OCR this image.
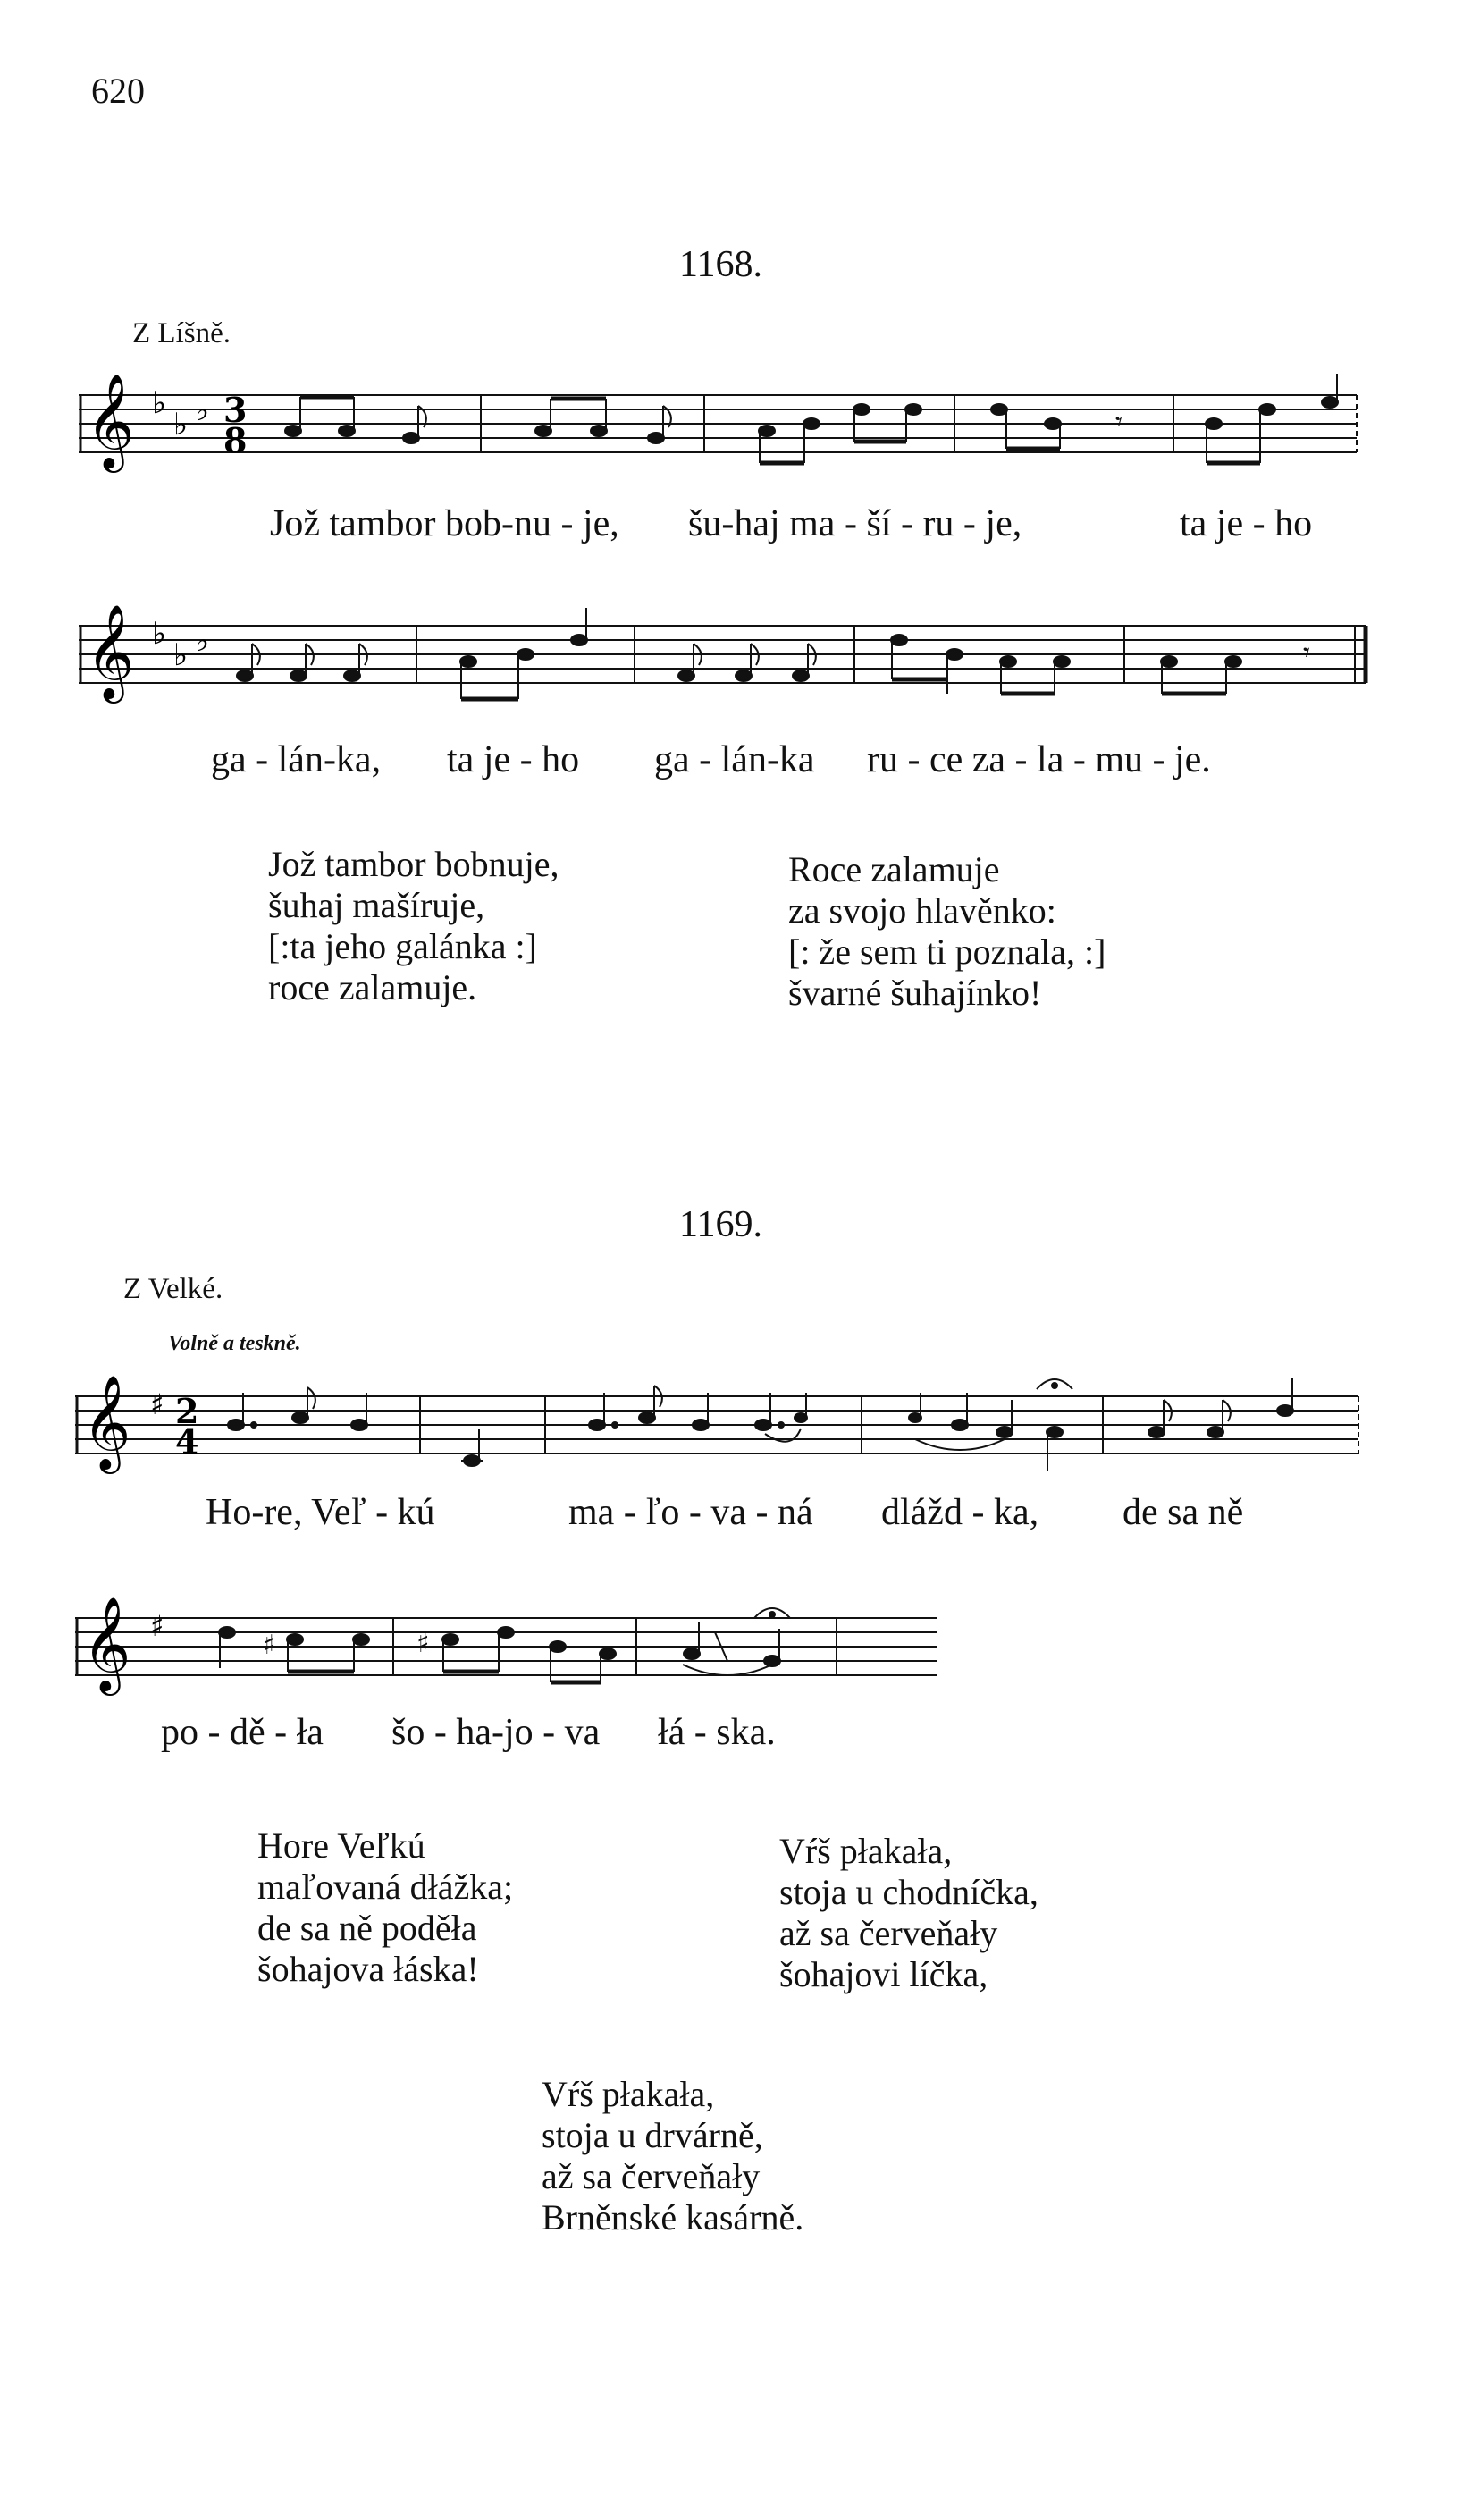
620
1168.
Z Líšně.
𝄞 ♭
♭ ♭ 3
8	𝄾
Jož tambor bob-nu - je, šu-haj ma - ší - ru - je,	ta je - ho
𝄞 ♭
♭ ♭	𝄾
ga - lán-ka, ta je - ho ga - lán-ka ru - ce za - la - mu - je.
Jož tambor bobnuje,
šuhaj mašíruje,
[:ta jeho galánka :]
roce zalamuje.
Roce zalamuje
za svojo hlavěnko:
[: že sem ti poznala, :]
švarné šuhajínko!
1169.
Z Velké.
Volně a teskně.
𝄞 ♯ 2
4
Ho-re, Veľ - kú	ma - ľo - va - ná dlážd - ka, de sa ně
𝄞 ♯
♯	♯
po - dě - ła šo - ha-jo - va łá - ska.
Hore Veľkú
maľovaná dłážka;
de sa ně poděła
šohajova łáska!
Vŕš płakała,
stoja u chodníčka,
až sa červeňały
šohajovi líčka,
Vŕš płakała,
stoja u drvárně,
až sa červeňały
Brněnské kasárně.
